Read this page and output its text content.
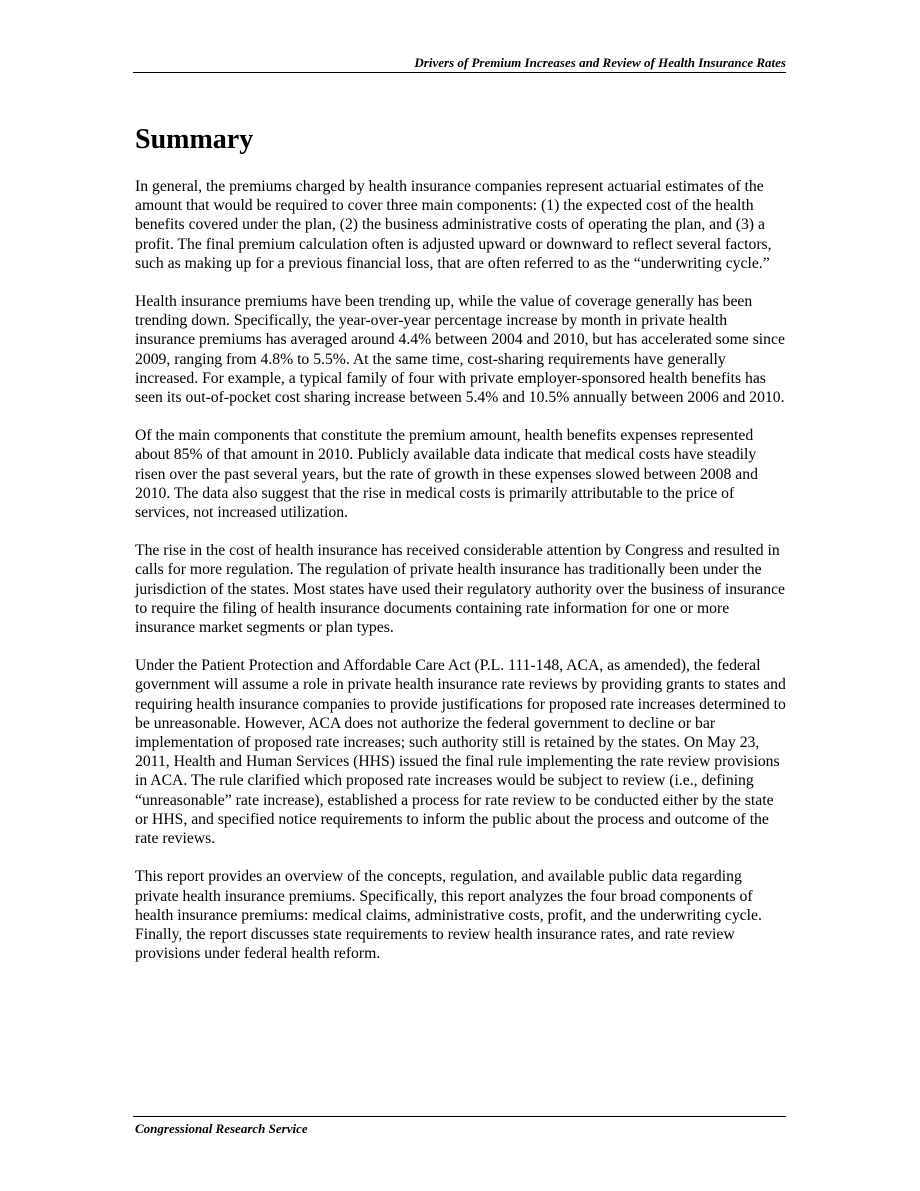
Drivers of Premium Increases and Review of Health Insurance Rates
Summary

In general, the premiums charged by health insurance companies represent actuarial estimates of the amount that would be required to cover three main components: (1) the expected cost of the health benefits covered under the plan, (2) the business administrative costs of operating the plan, and (3) a profit. The final premium calculation often is adjusted upward or downward to reflect several factors, such as making up for a previous financial loss, that are often referred to as the “underwriting cycle.”

Health insurance premiums have been trending up, while the value of coverage generally has been trending down. Specifically, the year-over-year percentage increase by month in private health insurance premiums has averaged around 4.4% between 2004 and 2010, but has accelerated some since 2009, ranging from 4.8% to 5.5%. At the same time, cost-sharing requirements have generally increased. For example, a typical family of four with private employer-sponsored health benefits has seen its out-of-pocket cost sharing increase between 5.4% and 10.5% annually between 2006 and 2010.

Of the main components that constitute the premium amount, health benefits expenses represented about 85% of that amount in 2010. Publicly available data indicate that medical costs have steadily risen over the past several years, but the rate of growth in these expenses slowed between 2008 and 2010. The data also suggest that the rise in medical costs is primarily attributable to the price of services, not increased utilization.

The rise in the cost of health insurance has received considerable attention by Congress and resulted in calls for more regulation. The regulation of private health insurance has traditionally been under the jurisdiction of the states. Most states have used their regulatory authority over the business of insurance to require the filing of health insurance documents containing rate information for one or more insurance market segments or plan types.

Under the Patient Protection and Affordable Care Act (P.L. 111-148, ACA, as amended), the federal government will assume a role in private health insurance rate reviews by providing grants to states and requiring health insurance companies to provide justifications for proposed rate increases determined to be unreasonable. However, ACA does not authorize the federal government to decline or bar implementation of proposed rate increases; such authority still is retained by the states. On May 23, 2011, Health and Human Services (HHS) issued the final rule implementing the rate review provisions in ACA. The rule clarified which proposed rate increases would be subject to review (i.e., defining “unreasonable” rate increase), established a process for rate review to be conducted either by the state or HHS, and specified notice requirements to inform the public about the process and outcome of the rate reviews.

This report provides an overview of the concepts, regulation, and available public data regarding private health insurance premiums. Specifically, this report analyzes the four broad components of health insurance premiums: medical claims, administrative costs, profit, and the underwriting cycle. Finally, the report discusses state requirements to review health insurance rates, and rate review provisions under federal health reform.

Congressional Research Service
